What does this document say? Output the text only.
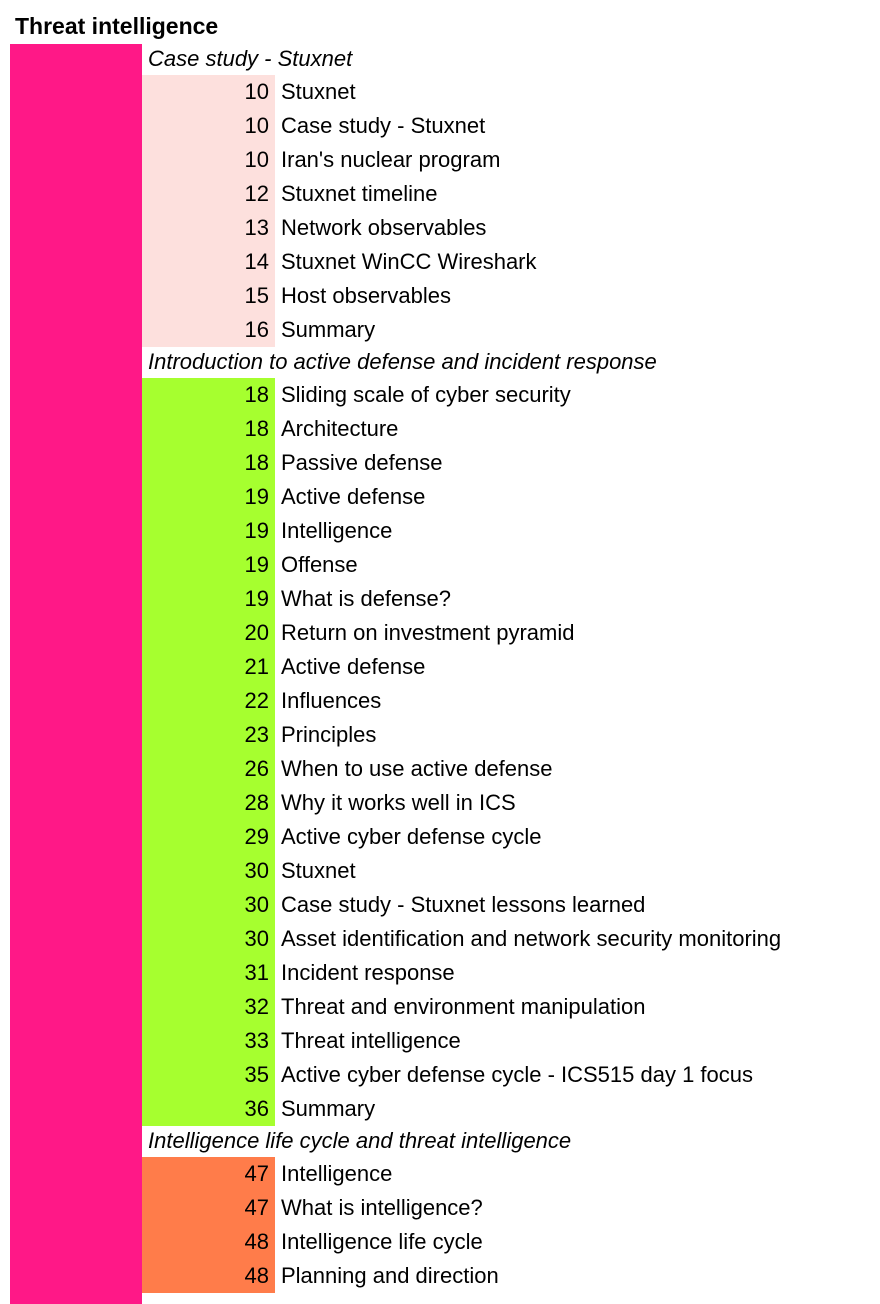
Threat intelligence
Case study - Stuxnet
10 Stuxnet
10 Case study - Stuxnet
10 Iran's nuclear program
12 Stuxnet timeline
13 Network observables
14 Stuxnet WinCC Wireshark
15 Host observables
16 Summary
Introduction to active defense and incident response
18 Sliding scale of cyber security
18 Architecture
18 Passive defense
19 Active defense
19 Intelligence
19 Offense
19 What is defense?
20 Return on investment pyramid
21 Active defense
22 Influences
23 Principles
26 When to use active defense
28 Why it works well in ICS
29 Active cyber defense cycle
30 Stuxnet
30 Case study - Stuxnet lessons learned
30 Asset identification and network security monitoring
31 Incident response
32 Threat and environment manipulation
33 Threat intelligence
35 Active cyber defense cycle - ICS515 day 1 focus
36 Summary
Intelligence life cycle and threat intelligence
47 Intelligence
47 What is intelligence?
48 Intelligence life cycle
48 Planning and direction
